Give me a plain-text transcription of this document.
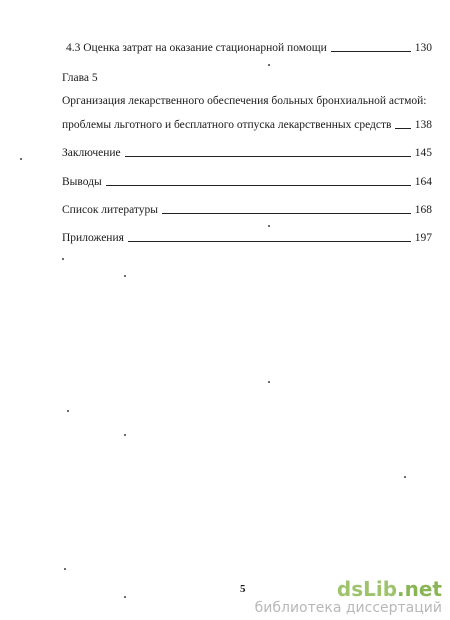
4.3 Оценка затрат на оказание стационарной помощи	130
Глава 5
Организация лекарственного обеспечения больных бронхиальной астмой:
проблемы льготного и бесплатного отпуска лекарственных средств 138
Заключение	145
Выводы	164
Список литературы	168
Приложения	197
5	dsLib.net
библиотека диссертаций
